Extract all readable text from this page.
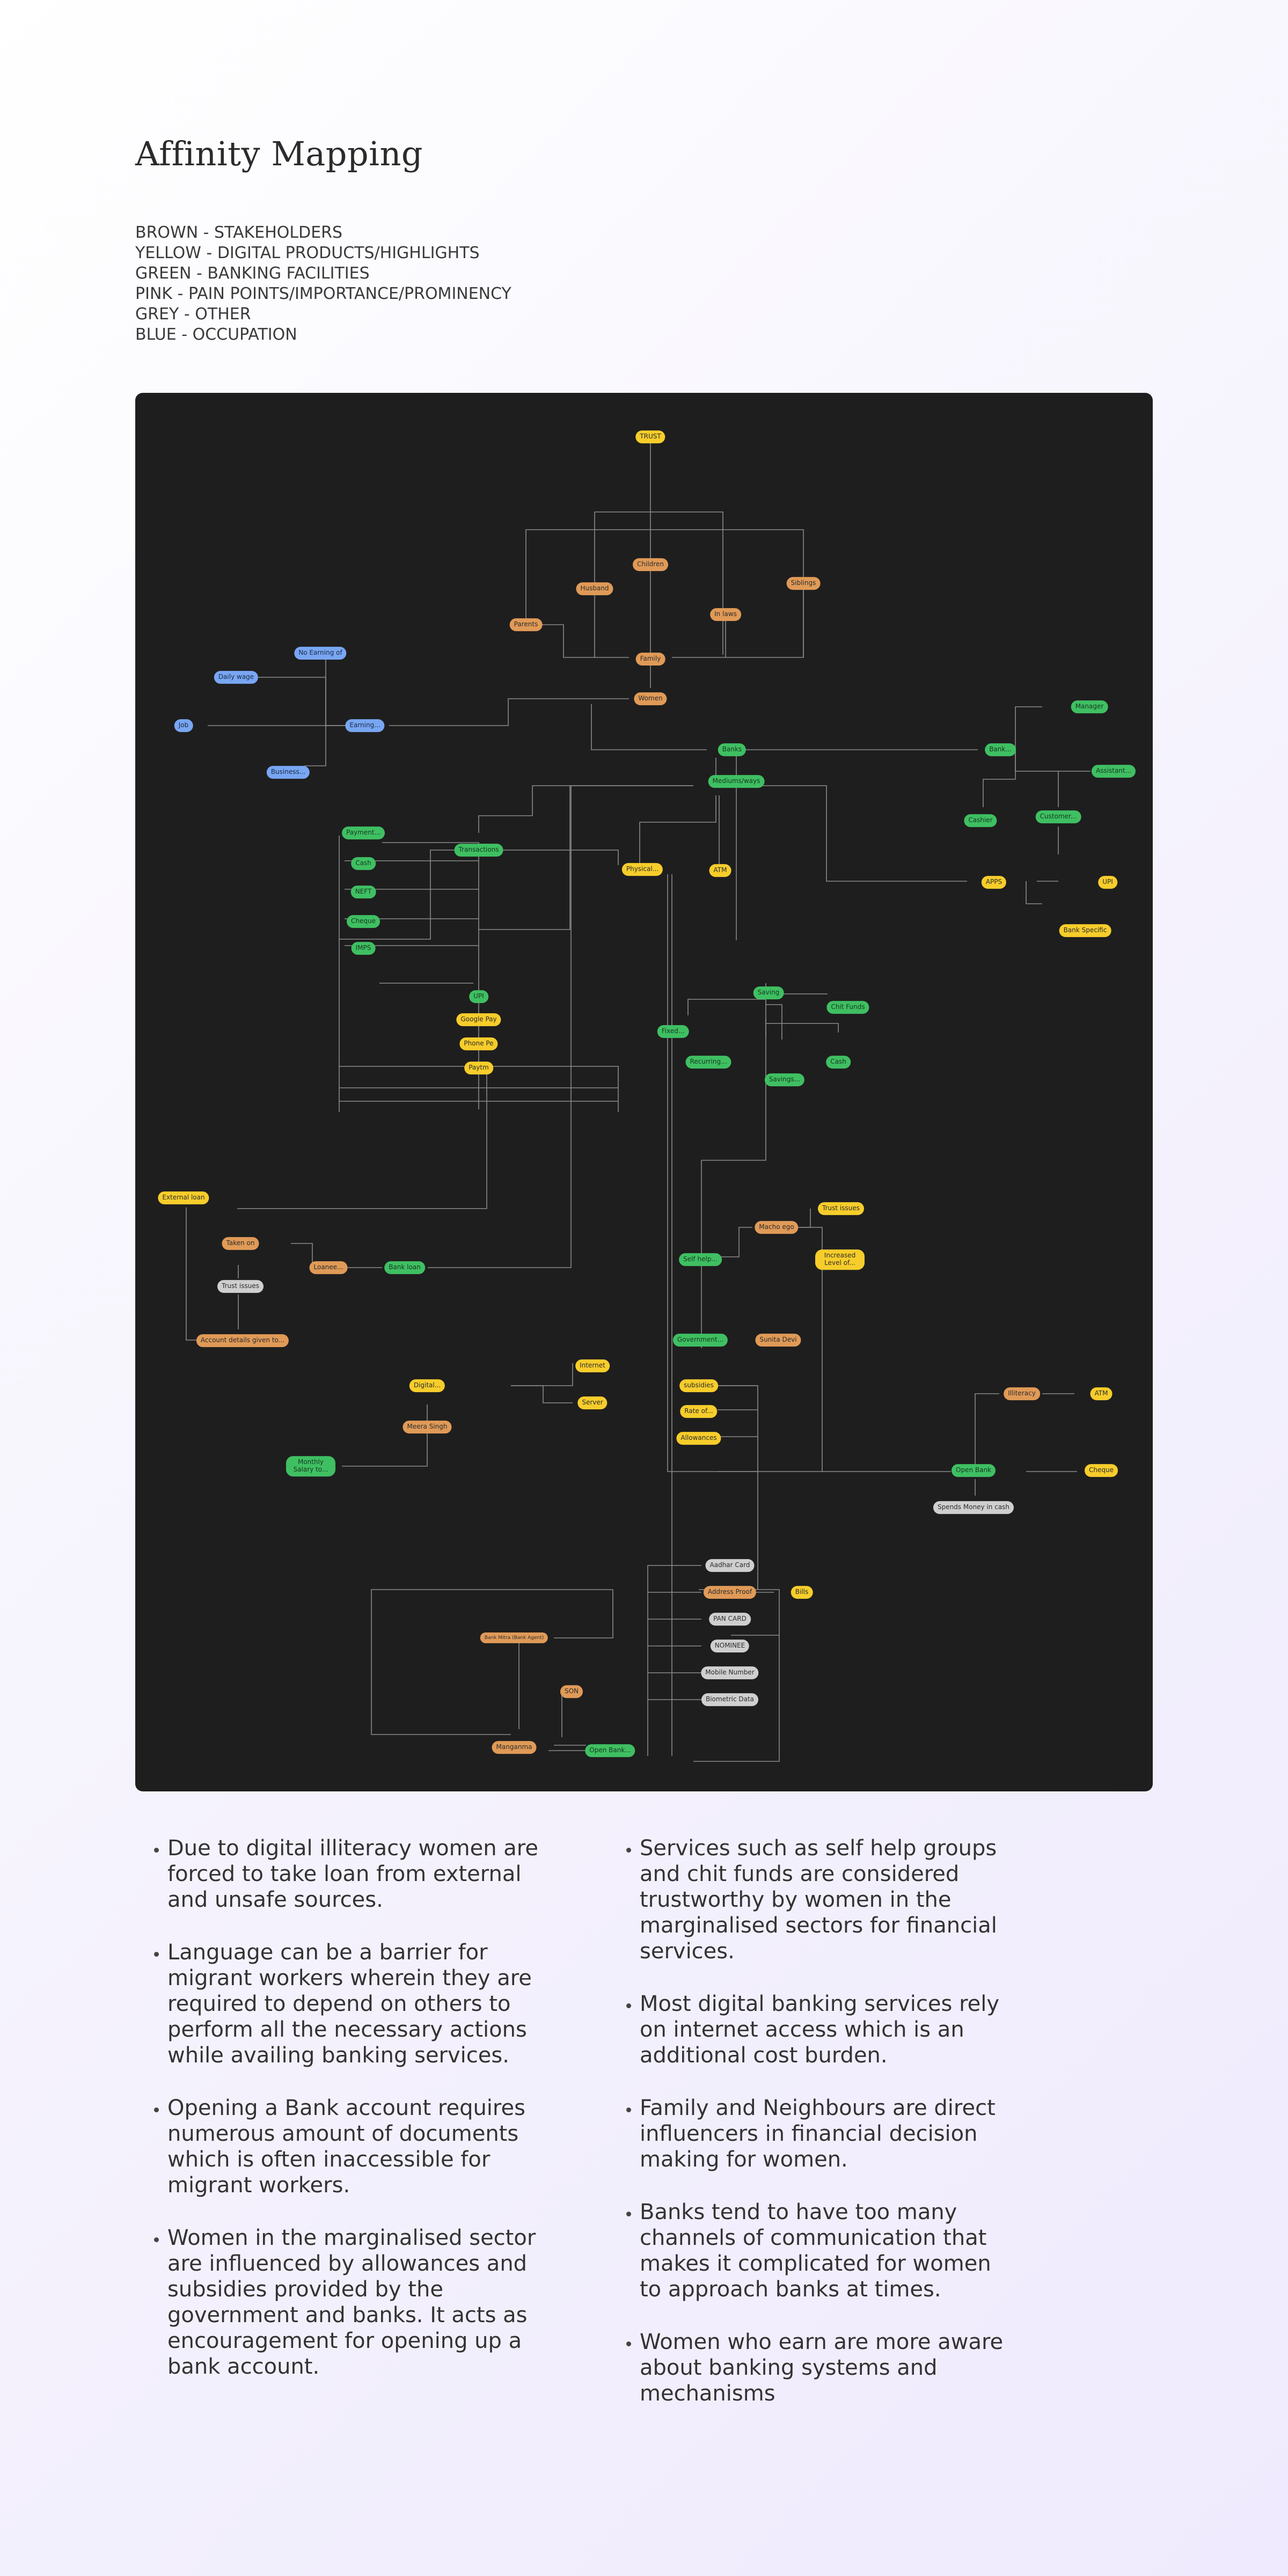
Affinity Mapping
BROWN - STAKEHOLDERS
YELLOW - DIGITAL PRODUCTS/HIGHLIGHTS
GREEN - BANKING FACILITIES
PINK - PAIN POINTS/IMPORTANCE/PROMINENCY
GREY - OTHER
BLUE - OCCUPATION
TRUST
Children
Husband
Siblings
Parents
In laws
Family
Women
No Earning of
Daily wage
Job	Earning...
Business...
Banks	Bank...
Manager
Assistant...
Cashier	Customer...
Mediums/ways
Transactions
Payment...
Cash
NEFT
Cheque
IMPS
Physical...	ATM
APPS	UPI
Bank Specific
UPI
Google Pay
Phone Pe
Paytm
Saving
Chit Funds
Fixed...
Recurring...	Cash
Savings...
External loan
Taken on
Trust issues
Account details given to...
Loanee...	Bank loan
Macho ego
Trust issues
Increased Level of...
Self help...
Government...	Sunita Devi
subsidies
Rate of...
Allowances
Internet
Server
Digital...
Meera Singh
Monthly Salary to...
Illiteracy	ATM
Open Bank	Cheque
Spends Money in cash
Aadhar Card
Address Proof	Bills
PAN CARD
NOMINEE
Mobile Number
Biometric Data
Bank Mitra (Bank Agent)
SON
Manganma	Open Bank...
• Due to digital illiteracy women are forced to take loan from external and unsafe sources.
• Language can be a barrier for migrant workers wherein they are required to depend on others to perform all the necessary actions while availing banking services.
• Opening a Bank account requires numerous amount of documents which is often inaccessible for migrant workers.
• Women in the marginalised sector are influenced by allowances and subsidies provided by the government and banks. It acts as encouragement for opening up a bank account.
• Services such as self help groups and chit funds are considered trustworthy by women in the marginalised sectors for financial services.
• Most digital banking services rely on internet access which is an additional cost burden.
• Family and Neighbours are direct influencers in financial decision making for women.
• Banks tend to have too many channels of communication that makes it complicated for women to approach banks at times.
• Women who earn are more aware about banking systems and mechanisms
